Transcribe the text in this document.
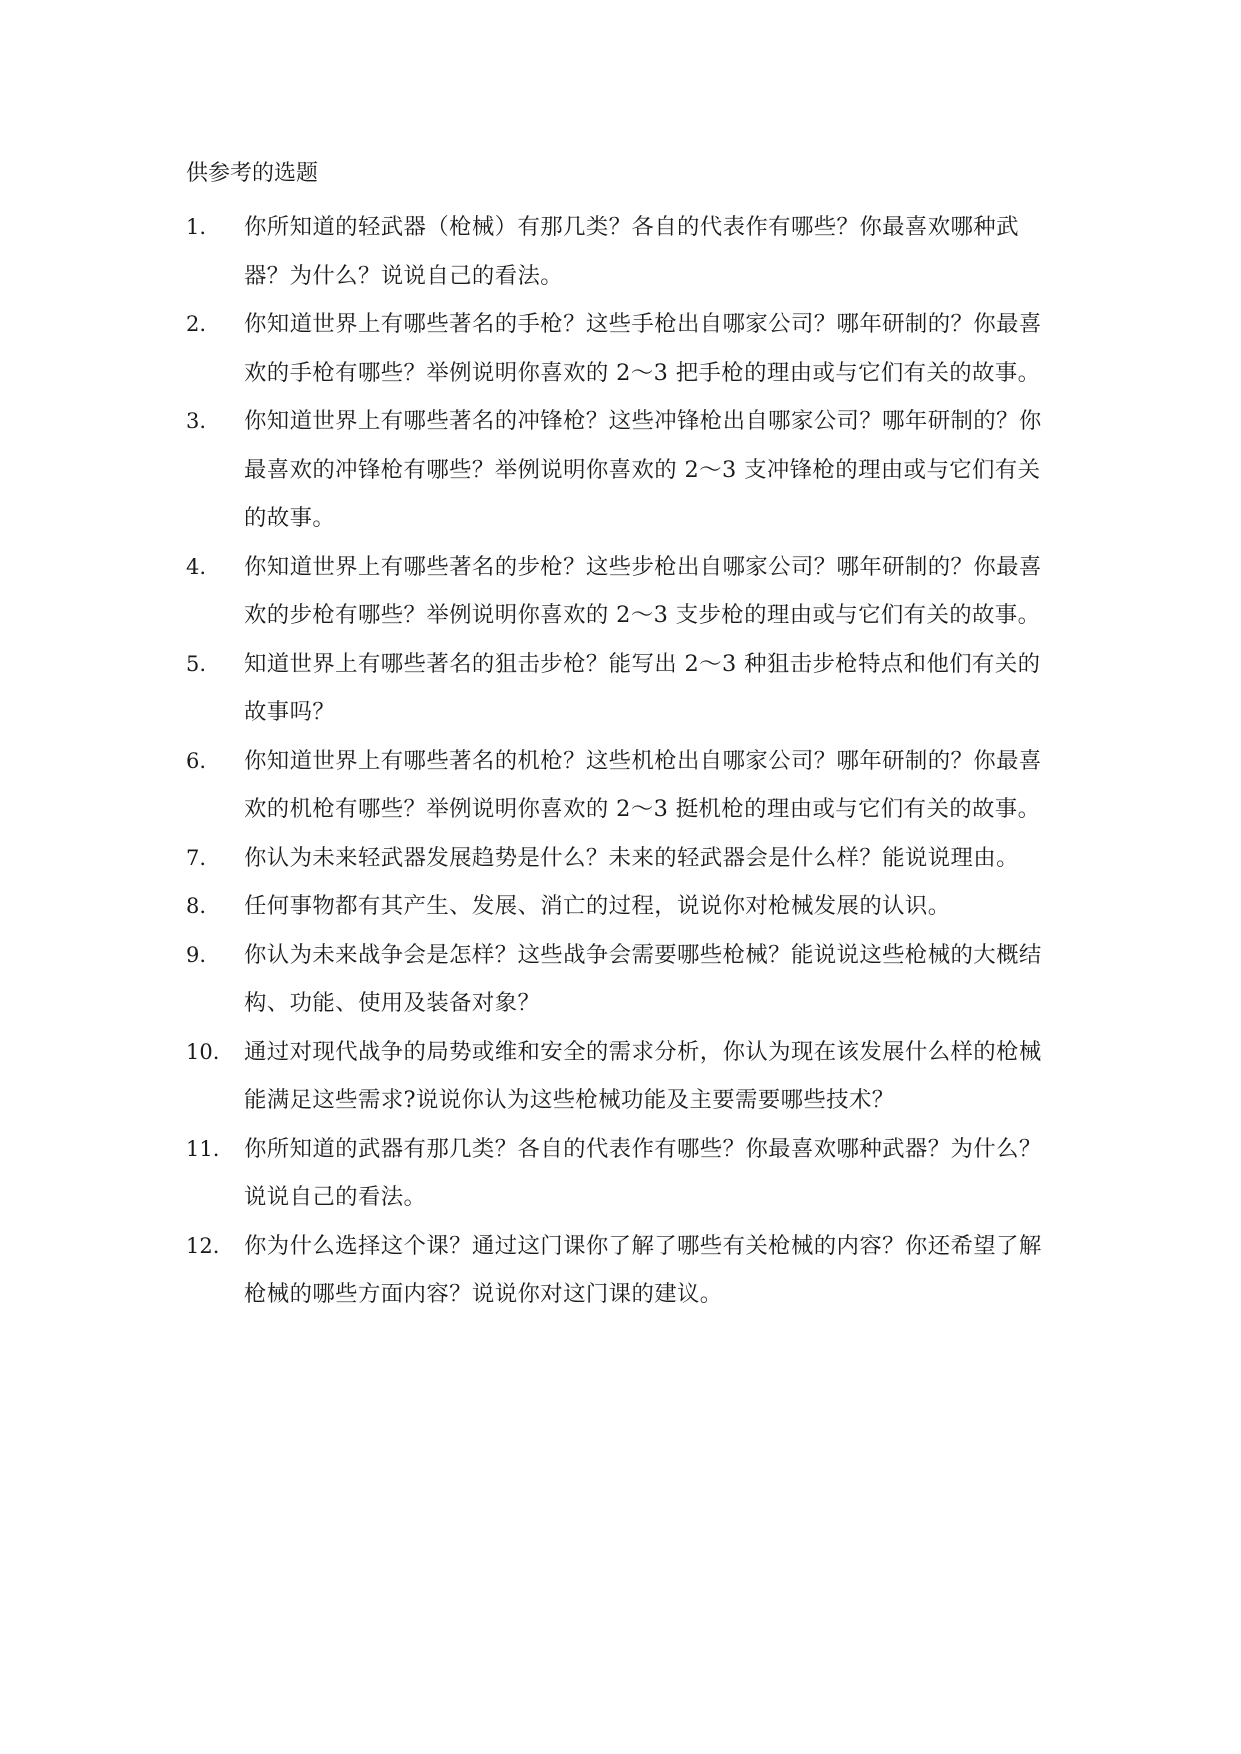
供参考的选题
1.	你所知道的轻武器（枪械）有那几类？各自的代表作有哪些？你最喜欢哪种武器？为什么？说说自己的看法。
2.	你知道世界上有哪些著名的手枪？这些手枪出自哪家公司？哪年研制的？你最喜欢的手枪有哪些？举例说明你喜欢的 2～3 把手枪的理由或与它们有关的故事。
3.	你知道世界上有哪些著名的冲锋枪？这些冲锋枪出自哪家公司？哪年研制的？你最喜欢的冲锋枪有哪些？举例说明你喜欢的 2～3 支冲锋枪的理由或与它们有关的故事。
4.	你知道世界上有哪些著名的步枪？这些步枪出自哪家公司？哪年研制的？你最喜欢的步枪有哪些？举例说明你喜欢的 2～3 支步枪的理由或与它们有关的故事。
5.	知道世界上有哪些著名的狙击步枪？能写出 2～3 种狙击步枪特点和他们有关的故事吗？
6.	你知道世界上有哪些著名的机枪？这些机枪出自哪家公司？哪年研制的？你最喜欢的机枪有哪些？举例说明你喜欢的 2～3 挺机枪的理由或与它们有关的故事。
7.	你认为未来轻武器发展趋势是什么？未来的轻武器会是什么样？能说说理由。
8.	任何事物都有其产生、发展、消亡的过程，说说你对枪械发展的认识。
9.	你认为未来战争会是怎样？这些战争会需要哪些枪械？能说说这些枪械的大概结构、功能、使用及装备对象？
10.	通过对现代战争的局势或维和安全的需求分析，你认为现在该发展什么样的枪械能满足这些需求?说说你认为这些枪械功能及主要需要哪些技术？
11.	你所知道的武器有那几类？各自的代表作有哪些？你最喜欢哪种武器？为什么？说说自己的看法。
12.	你为什么选择这个课？通过这门课你了解了哪些有关枪械的内容？你还希望了解枪械的哪些方面内容？说说你对这门课的建议。
